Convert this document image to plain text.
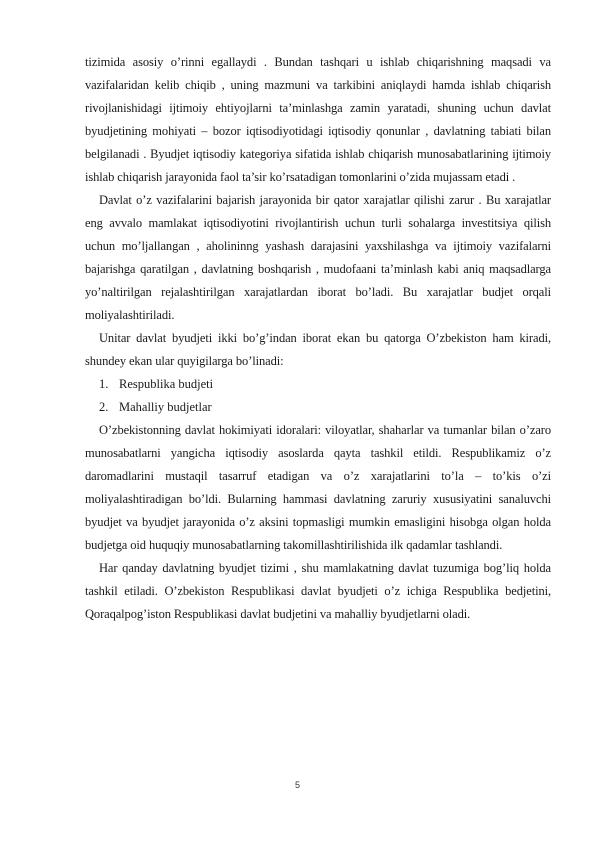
tizimida asosiy o’rinni egallaydi . Bundan tashqari u ishlab chiqarishning maqsadi va vazifalaridan kelib chiqib , uning mazmuni va tarkibini aniqlaydi hamda ishlab chiqarish rivojlanishidagi ijtimoiy ehtiyojlarni ta’minlashga zamin yaratadi, shuning uchun davlat byudjetining mohiyati – bozor iqtisodiyotidagi iqtisodiy qonunlar , davlatning tabiati bilan belgilanadi . Byudjet iqtisodiy kategoriya sifatida ishlab chiqarish munosabatlarining ijtimoiy ishlab chiqarish jarayonida faol ta’sir ko’rsatadigan tomonlarini o’zida mujassam etadi .

Davlat o’z vazifalarini bajarish jarayonida bir qator xarajatlar qilishi zarur . Bu xarajatlar eng avvalo mamlakat iqtisodiyotini rivojlantirish uchun turli sohalarga investitsiya qilish uchun mo’ljallangan , aholininng yashash darajasini yaxshilashga va ijtimoiy vazifalarni bajarishga qaratilgan , davlatning boshqarish , mudofaani ta’minlash kabi aniq maqsadlarga yo’naltirilgan rejalashtirilgan xarajatlardan iborat bo’ladi. Bu xarajatlar budjet orqali moliyalashtiriladi.

Unitar davlat byudjeti ikki bo’g’indan iborat ekan bu qatorga O’zbekiston ham kiradi, shundey ekan ular quyigilarga bo’linadi:

1. Respublika budjeti
2. Mahalliy budjetlar

O’zbekistonning davlat hokimiyati idoralari: viloyatlar, shaharlar va tumanlar bilan o’zaro munosabatlarni yangicha iqtisodiy asoslarda qayta tashkil etildi. Respublikamiz o’z daromadlarini mustaqil tasarruf etadigan va o’z xarajatlarini to’la – to’kis o’zi moliyalashtiradigan bo’ldi. Bularning hammasi davlatning zaruriy xususiyatini sanaluvchi byudjet va byudjet jarayonida o’z aksini topmasligi mumkin emasligini hisobga olgan holda budjetga oid huquqiy munosabatlarning takomillashtirilishida ilk qadamlar tashlandi.

Har qanday davlatning byudjet tizimi , shu mamlakatning davlat tuzumiga bog’liq holda tashkil etiladi. O’zbekiston Respublikasi davlat byudjeti o’z ichiga Respublika bedjetini, Qoraqalpog’iston Respublikasi davlat budjetini va mahalliy byudjetlarni oladi.

5
